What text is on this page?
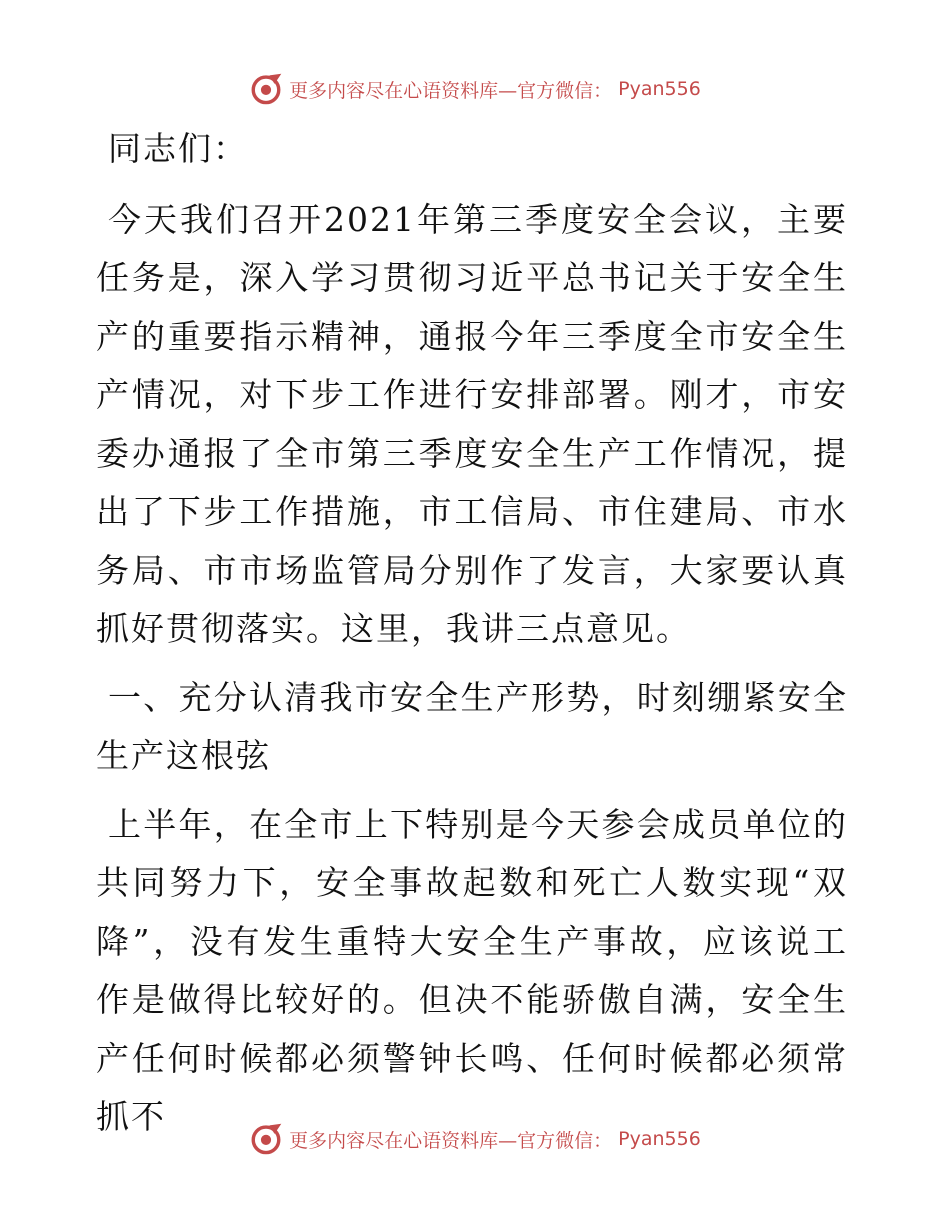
更多内容尽在心语资料库—官方微信： Pyan556

同志们：

今天我们召开2021年第三季度安全会议，主要任务是，深入学习贯彻习近平总书记关于安全生产的重要指示精神，通报今年三季度全市安全生产情况，对下步工作进行安排部署。刚才，市安委办通报了全市第三季度安全生产工作情况，提出了下步工作措施，市工信局、市住建局、市水务局、市市场监管局分别作了发言，大家要认真抓好贯彻落实。这里，我讲三点意见。

一、充分认清我市安全生产形势，时刻绷紧安全生产这根弦

上半年，在全市上下特别是今天参会成员单位的共同努力下，安全事故起数和死亡人数实现“双降”，没有发生重特大安全生产事故，应该说工作是做得比较好的。但决不能骄傲自满，安全生产任何时候都必须警钟长鸣、任何时候都必须常抓不

更多内容尽在心语资料库—官方微信： Pyan556
